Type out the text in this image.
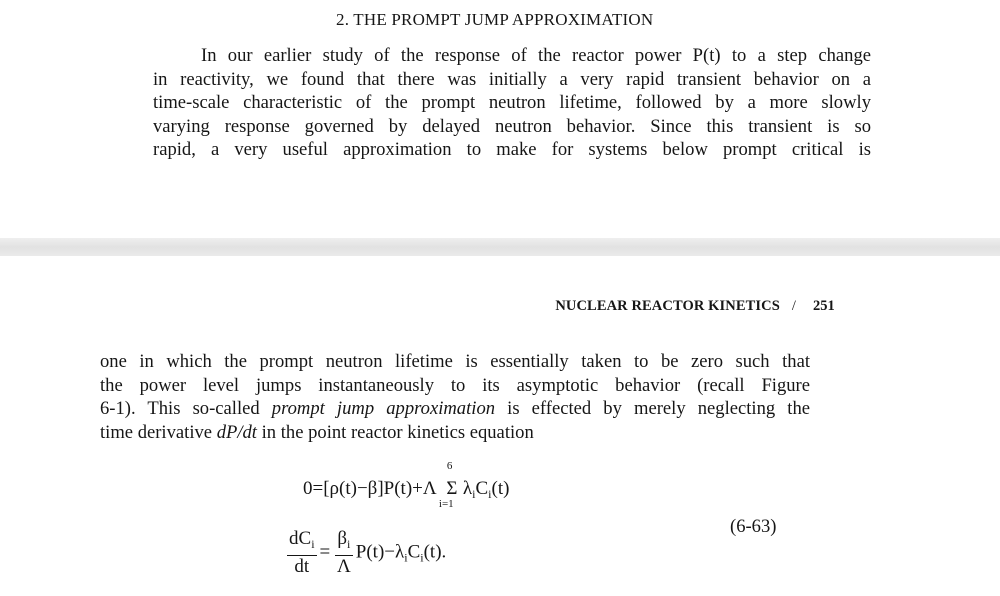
2. THE PROMPT JUMP APPROXIMATION
In our earlier study of the response of the reactor power P(t) to a step change
in reactivity, we found that there was initially a very rapid transient behavior on a
time-scale characteristic of the prompt neutron lifetime, followed by a more slowly
varying response governed by delayed neutron behavior. Since this transient is so
rapid, a very useful approximation to make for systems below prompt critical is
NUCLEAR REACTOR KINETICS /	251
one in which the prompt neutron lifetime is essentially taken to be zero such that
the power level jumps instantaneously to its asymptotic behavior (recall Figure
6-1). This so-called prompt jump approximation is effected by merely neglecting the
time derivative dP/dt in the point reactor kinetics equation
0=[ρ(t)−β]P(t)+Λ
6
Σ
i=1
$\lambda_iC_i(t)$
$\frac{dC_i}{dt} = \frac{\beta_i}{\Lambda} P(t)-\lambda_iC_i(t)$.
(6-63)
